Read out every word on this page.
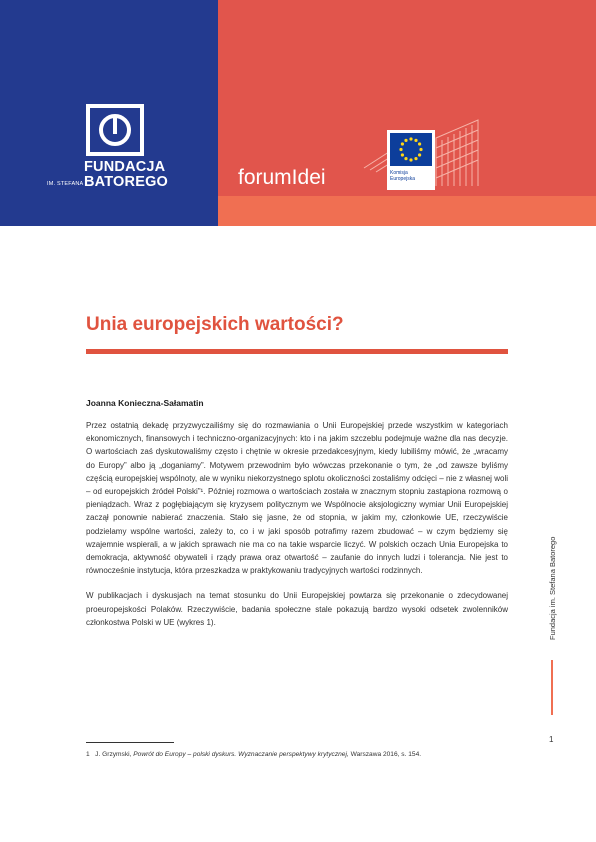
FUNDACJA
IM. STEFANA BATOREGO	forumIdei	Komisja
Europejska
Unia europejskich wartości?
Joanna Konieczna-Sałamatin

Przez ostatnią dekadę przyzwyczailiśmy się do rozmawiania o Unii Europejskiej przede wszystkim w kategoriach ekonomicznych, finansowych i techniczno-organizacyjnych: kto i na jakim szczeblu podejmuje ważne dla nas decyzje. O wartościach zaś dyskutowaliśmy często i chętnie w okresie przedakcesyjnym, kiedy lubiliśmy mówić, że „wracamy do Europy” albo ją „doganiamy”. Motywem przewodnim było wówczas przekonanie o tym, że „od zawsze byliśmy częścią europejskiej wspólnoty, ale w wyniku niekorzystnego splotu okoliczności zostaliśmy odcięci – nie z własnej woli – od europejskich źródeł Polski”¹. Później rozmowa o wartościach została w znacznym stopniu zastąpiona rozmową o pieniądzach. Wraz z pogłębiającym się kryzysem politycznym we Wspólnocie aksjologiczny wymiar Unii Europejskiej zaczął ponownie nabierać znaczenia. Stało się jasne, że od stopnia, w jakim my, członkowie UE, rzeczywiście podzielamy wspólne wartości, zależy to, co i w jaki sposób potrafimy razem zbudować – w czym będziemy się wzajemnie wspierali, a w jakich sprawach nie ma co na takie wsparcie liczyć. W polskich oczach Unia Europejska to demokracja, aktywność obywateli i rządy prawa oraz otwartość – zaufanie do innych ludzi i tolerancja. Nie jest to równocześnie instytucja, która przeszkadza w praktykowaniu tradycyjnych wartości rodzinnych.

W publikacjach i dyskusjach na temat stosunku do Unii Europejskiej powtarza się przekonanie o zdecydowanej proeuropejskości Polaków. Rzeczywiście, badania społeczne stale pokazują bardzo wysoki odsetek zwolenników członkostwa Polski w UE (wykres 1).	Fundacja im. Stefana Batorego
1
1 J. Grzymski, Powrót do Europy – polski dyskurs. Wyznaczanie perspektywy krytycznej, Warszawa 2016, s. 154.
